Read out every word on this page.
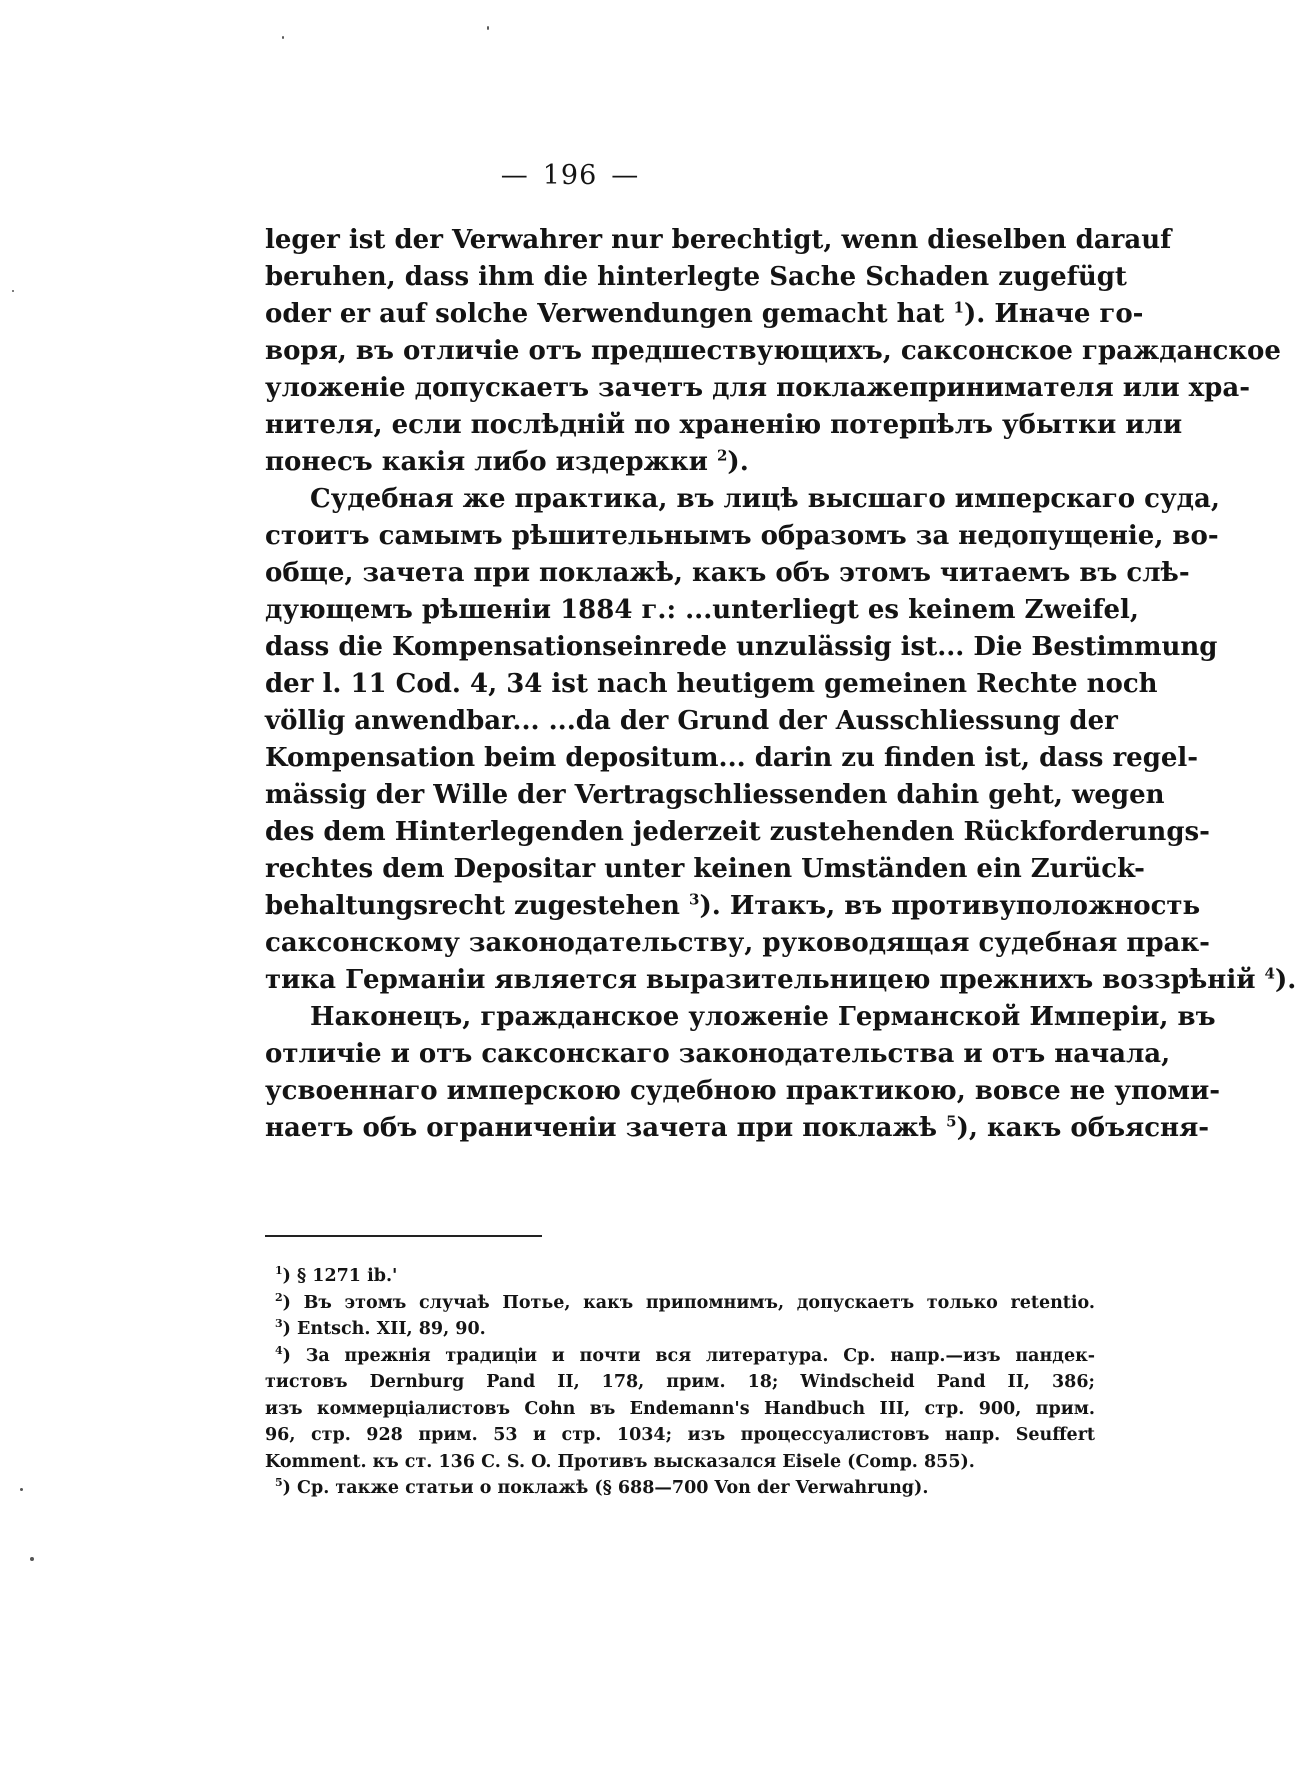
— 196 —
leger ist der Verwahrer nur berechtigt, wenn dieselben darauf
beruhen, dass ihm die hinterlegte Sache Schaden zugefügt
oder er auf solche Verwendungen gemacht hat $^1$). Иначе го-
воря, въ отличіе отъ предшествующихъ, саксонское гражданское
уложеніе допускаетъ зачетъ для поклажепринимателя или хра-
нителя, если послѣдній по храненію потерпѣлъ убытки или
понесъ какія либо издержки $^2$).
Судебная же практика, въ лицѣ высшаго имперскаго суда,
стоитъ самымъ рѣшительнымъ образомъ за недопущеніе, во-
обще, зачета при поклажѣ, какъ объ этомъ читаемъ въ слѣ-
дующемъ рѣшеніи 1884 г.: ...unterliegt es keinem Zweifel,
dass die Kompensationseinrede unzulässig ist... Die Bestimmung
der l. 11 Cod. 4, 34 ist nach heutigem gemeinen Rechte noch
völlig anwendbar... ...da der Grund der Ausschliessung der
Kompensation beim depositum... darin zu finden ist, dass regel-
mässig der Wille der Vertragschliessenden dahin geht, wegen
des dem Hinterlegenden jederzeit zustehenden Rückforderungs-
rechtes dem Depositar unter keinen Umständen ein Zurück-
behaltungsrecht zugestehen $^3$). Итакъ, въ противуположность
саксонскому законодательству, руководящая судебная прак-
тика Германіи является выразительницею прежнихъ воззрѣній $^4$).
Наконецъ, гражданское уложеніе Германской Имперіи, въ
отличіе и отъ саксонскаго законодательства и отъ начала,
усвоеннаго имперскою судебною практикою, вовсе не упоми-
наетъ объ ограниченіи зачета при поклажѣ $^5$), какъ объясня-
$^1$) § 1271 ib.'
$^2$) Въ этомъ случаѣ Потье, какъ припомнимъ, допускаетъ только retentio.
$^3$) Entsch. XII, 89, 90.
$^4$) За прежнія традиціи и почти вся литература. Ср. напр.—изъ пандек-
тистовъ Dernburg Pand II, 178, прим. 18; Windscheid Pand II, 386;
изъ коммерціалистовъ Cohn въ Endemann's Handbuch III, стр. 900, прим.
96, стр. 928 прим. 53 и стр. 1034; изъ процессуалистовъ напр. Seuffert
Komment. къ ст. 136 C. S. O. Противъ высказался Eisele (Comp. 855).
$^5$) Ср. также статьи о поклажѣ (§ 688—700 Von der Verwahrung).
